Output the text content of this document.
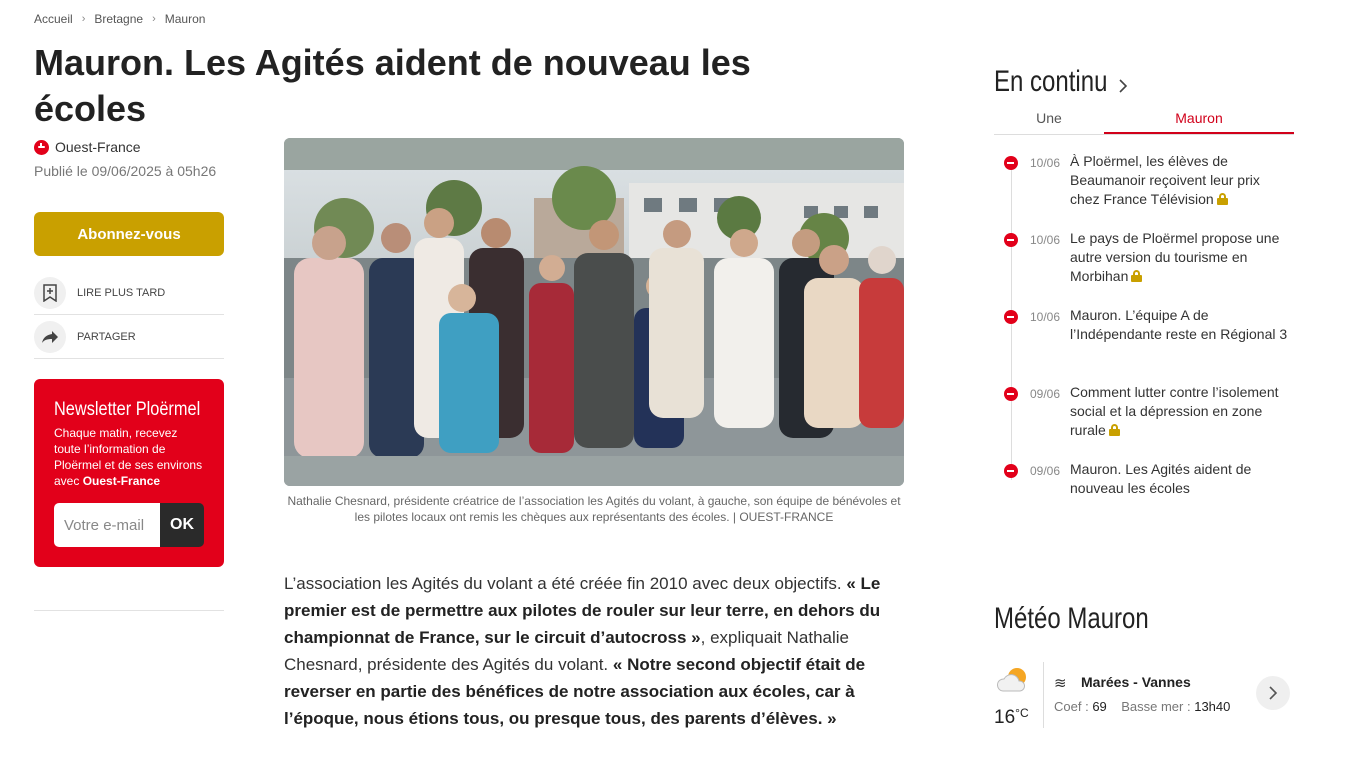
Accueil › Bretagne › Mauron
Mauron. Les Agités aident de nouveau les écoles
Ouest-France
Publié le 09/06/2025 à 05h26
Abonnez-vous
LIRE PLUS TARD
PARTAGER
Newsletter Ploërmel

Chaque matin, recevez toute l’information de Ploërmel et de ses environs avec Ouest-France

Votre e-mail
OK
Nathalie Chesnard, présidente créatrice de l’association les Agités du volant, à gauche, son équipe de bénévoles et les pilotes locaux ont remis les chèques aux représentants des écoles. | OUEST-FRANCE
L’association les Agités du volant a été créée fin 2010 avec deux objectifs. « Le premier est de permettre aux pilotes de rouler sur leur terre, en dehors du championnat de France, sur le circuit d’autocross », expliquait Nathalie Chesnard, présidente des Agités du volant. « Notre second objectif était de reverser en partie des bénéfices de notre association aux écoles, car à l’époque, nous étions tous, ou presque tous, des parents d’élèves. »
En continu
Une	Mauron
10/06 À Ploërmel, les élèves de Beaumanoir reçoivent leur prix chez France Télévision
10/06 Le pays de Ploërmel propose une autre version du tourisme en Morbihan
10/06 Mauron. L’équipe A de l’Indépendante reste en Régional 3
09/06 Comment lutter contre l’isolement social et la dépression en zone rurale
09/06 Mauron. Les Agités aident de nouveau les écoles
Météo Mauron
$16^{^\circ C}$
≋ Marées - Vannes
Coef : 69 Basse mer : 13h40
